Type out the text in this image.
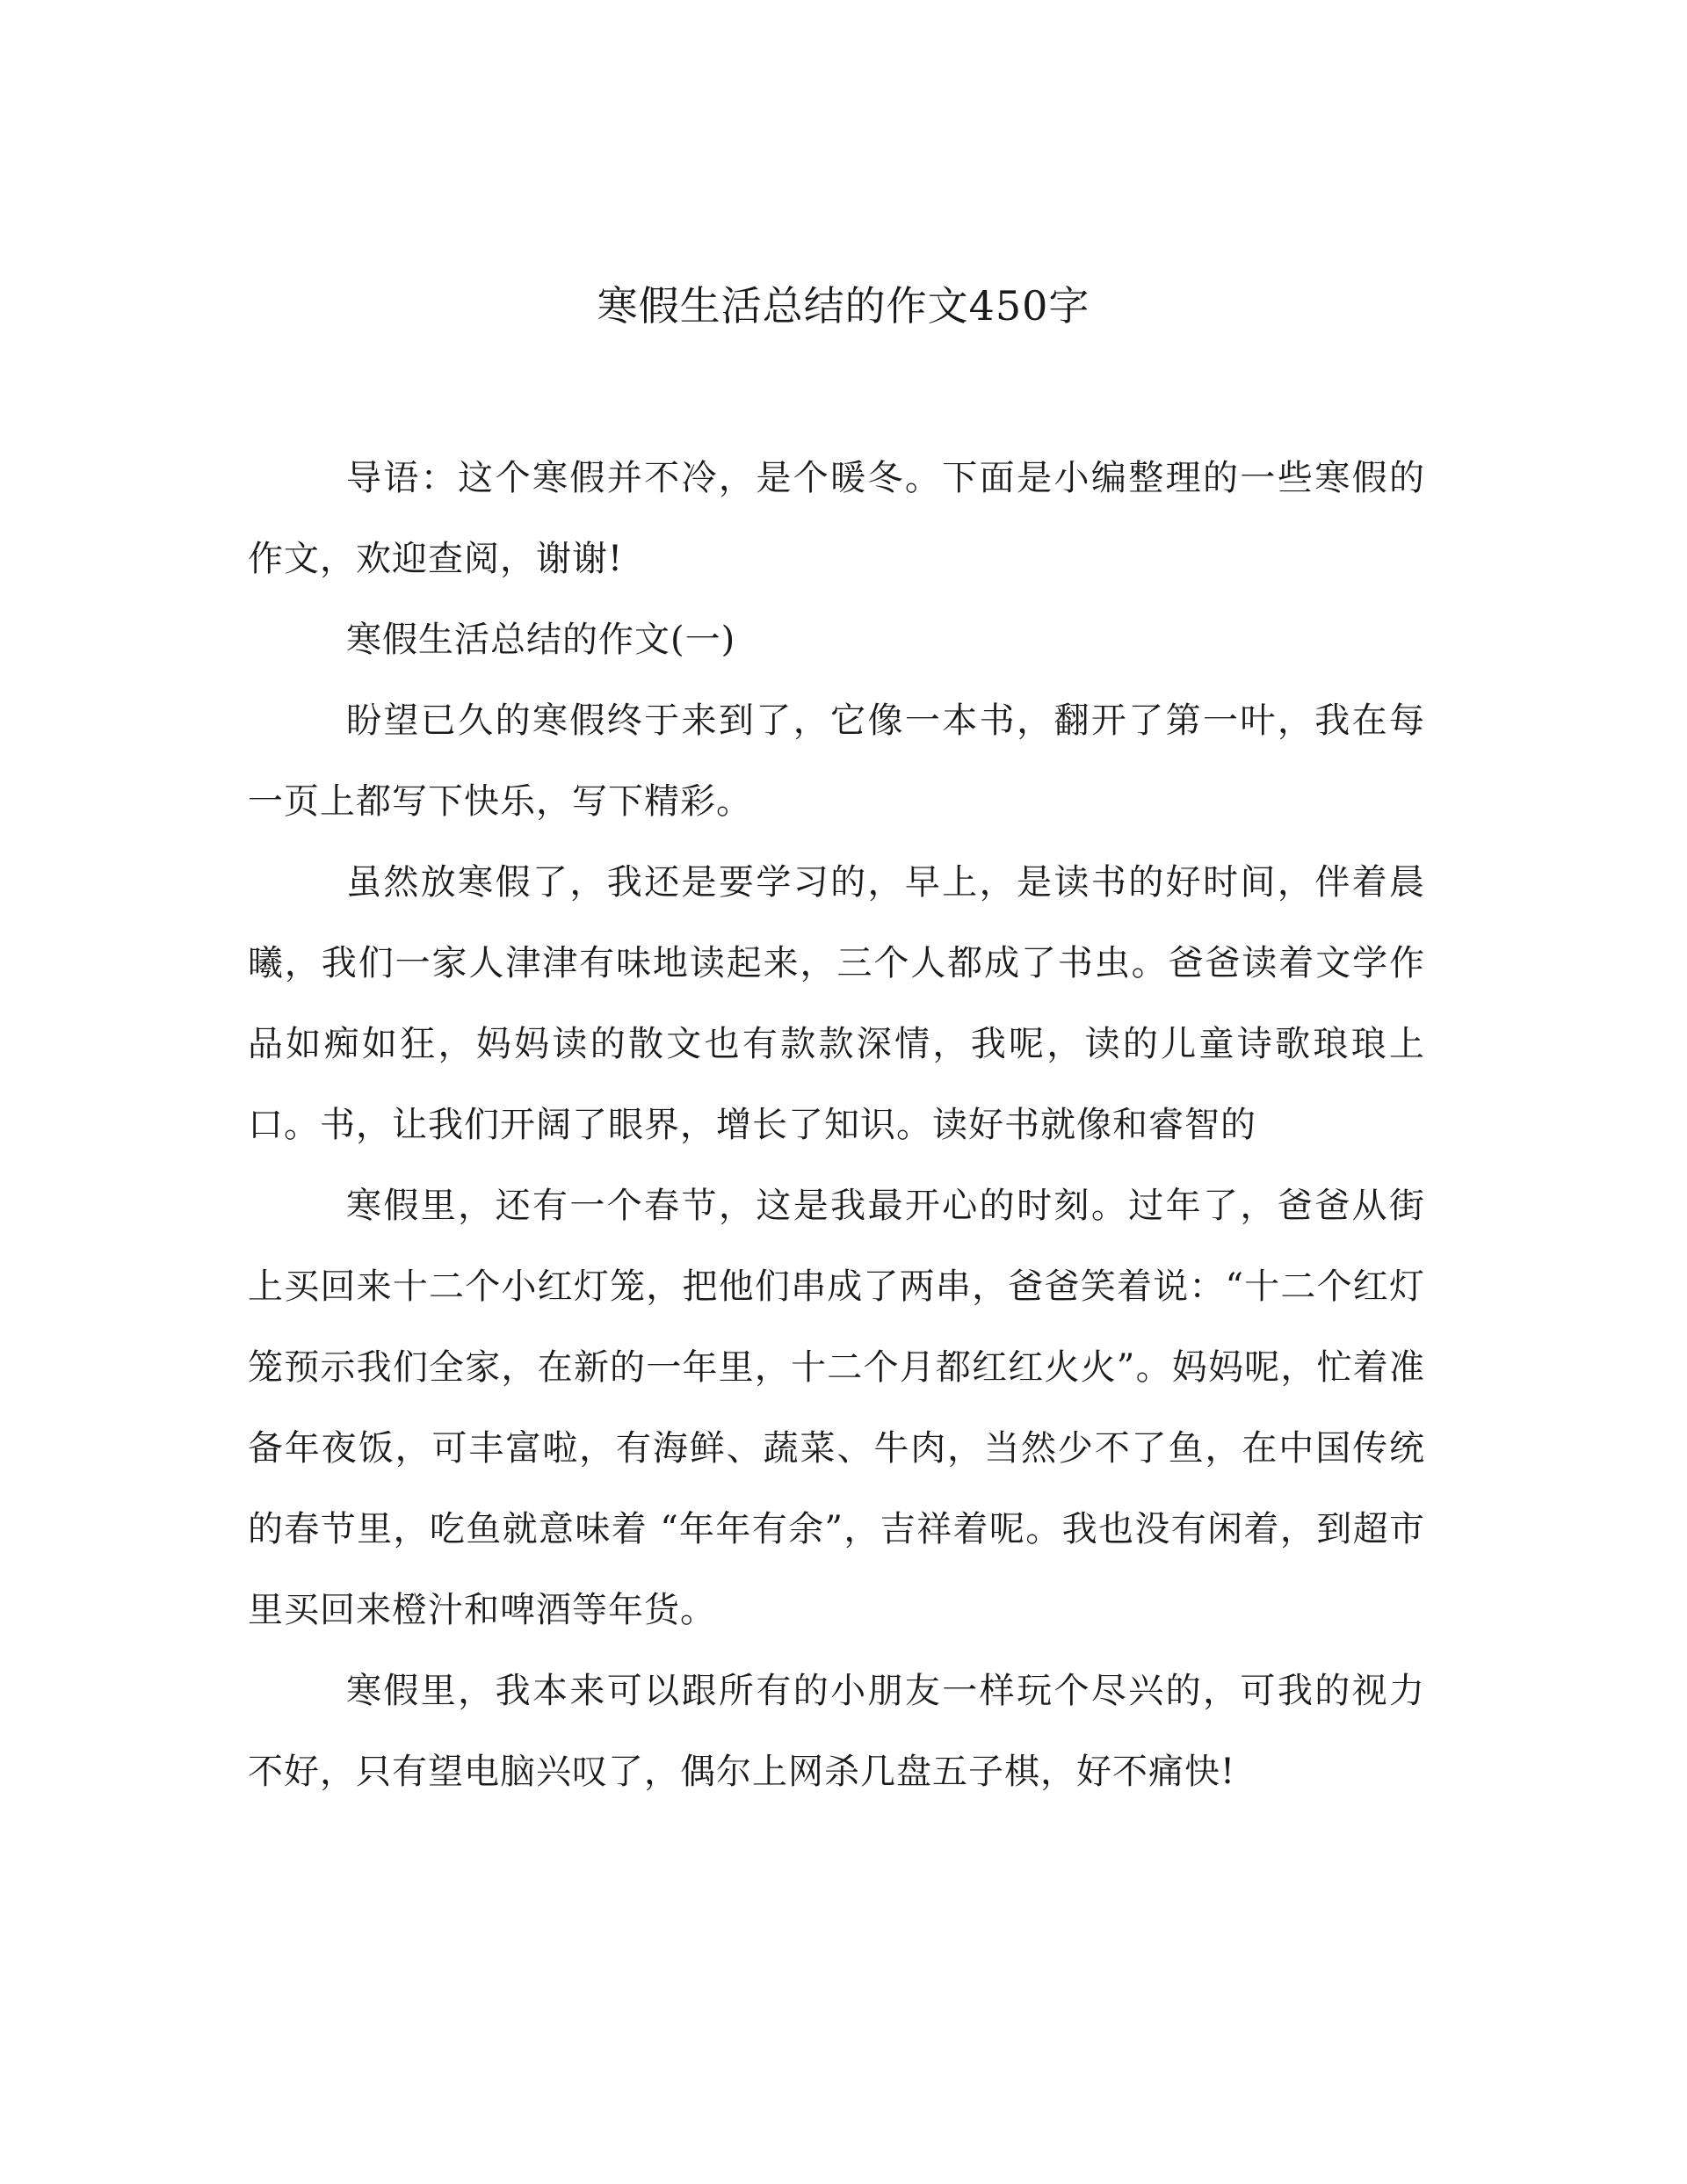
寒假生活总结的作文450字

导语：这个寒假并不冷，是个暖冬。下面是小编整理的一些寒假的作文，欢迎查阅，谢谢!

寒假生活总结的作文(一)

盼望已久的寒假终于来到了，它像一本书，翻开了第一叶，我在每一页上都写下快乐，写下精彩。

虽然放寒假了，我还是要学习的，早上，是读书的好时间，伴着晨曦，我们一家人津津有味地读起来，三个人都成了书虫。爸爸读着文学作品如痴如狂，妈妈读的散文也有款款深情，我呢，读的儿童诗歌琅琅上口。书，让我们开阔了眼界，增长了知识。读好书就像和睿智的

寒假里，还有一个春节，这是我最开心的时刻。过年了，爸爸从街上买回来十二个小红灯笼，把他们串成了两串，爸爸笑着说：“十二个红灯笼预示我们全家，在新的一年里，十二个月都红红火火”。妈妈呢，忙着准备年夜饭，可丰富啦，有海鲜、蔬菜、牛肉，当然少不了鱼，在中国传统的春节里，吃鱼就意味着 “年年有余”，吉祥着呢。我也没有闲着，到超市里买回来橙汁和啤酒等年货。

寒假里，我本来可以跟所有的小朋友一样玩个尽兴的，可我的视力不好，只有望电脑兴叹了，偶尔上网杀几盘五子棋，好不痛快!
